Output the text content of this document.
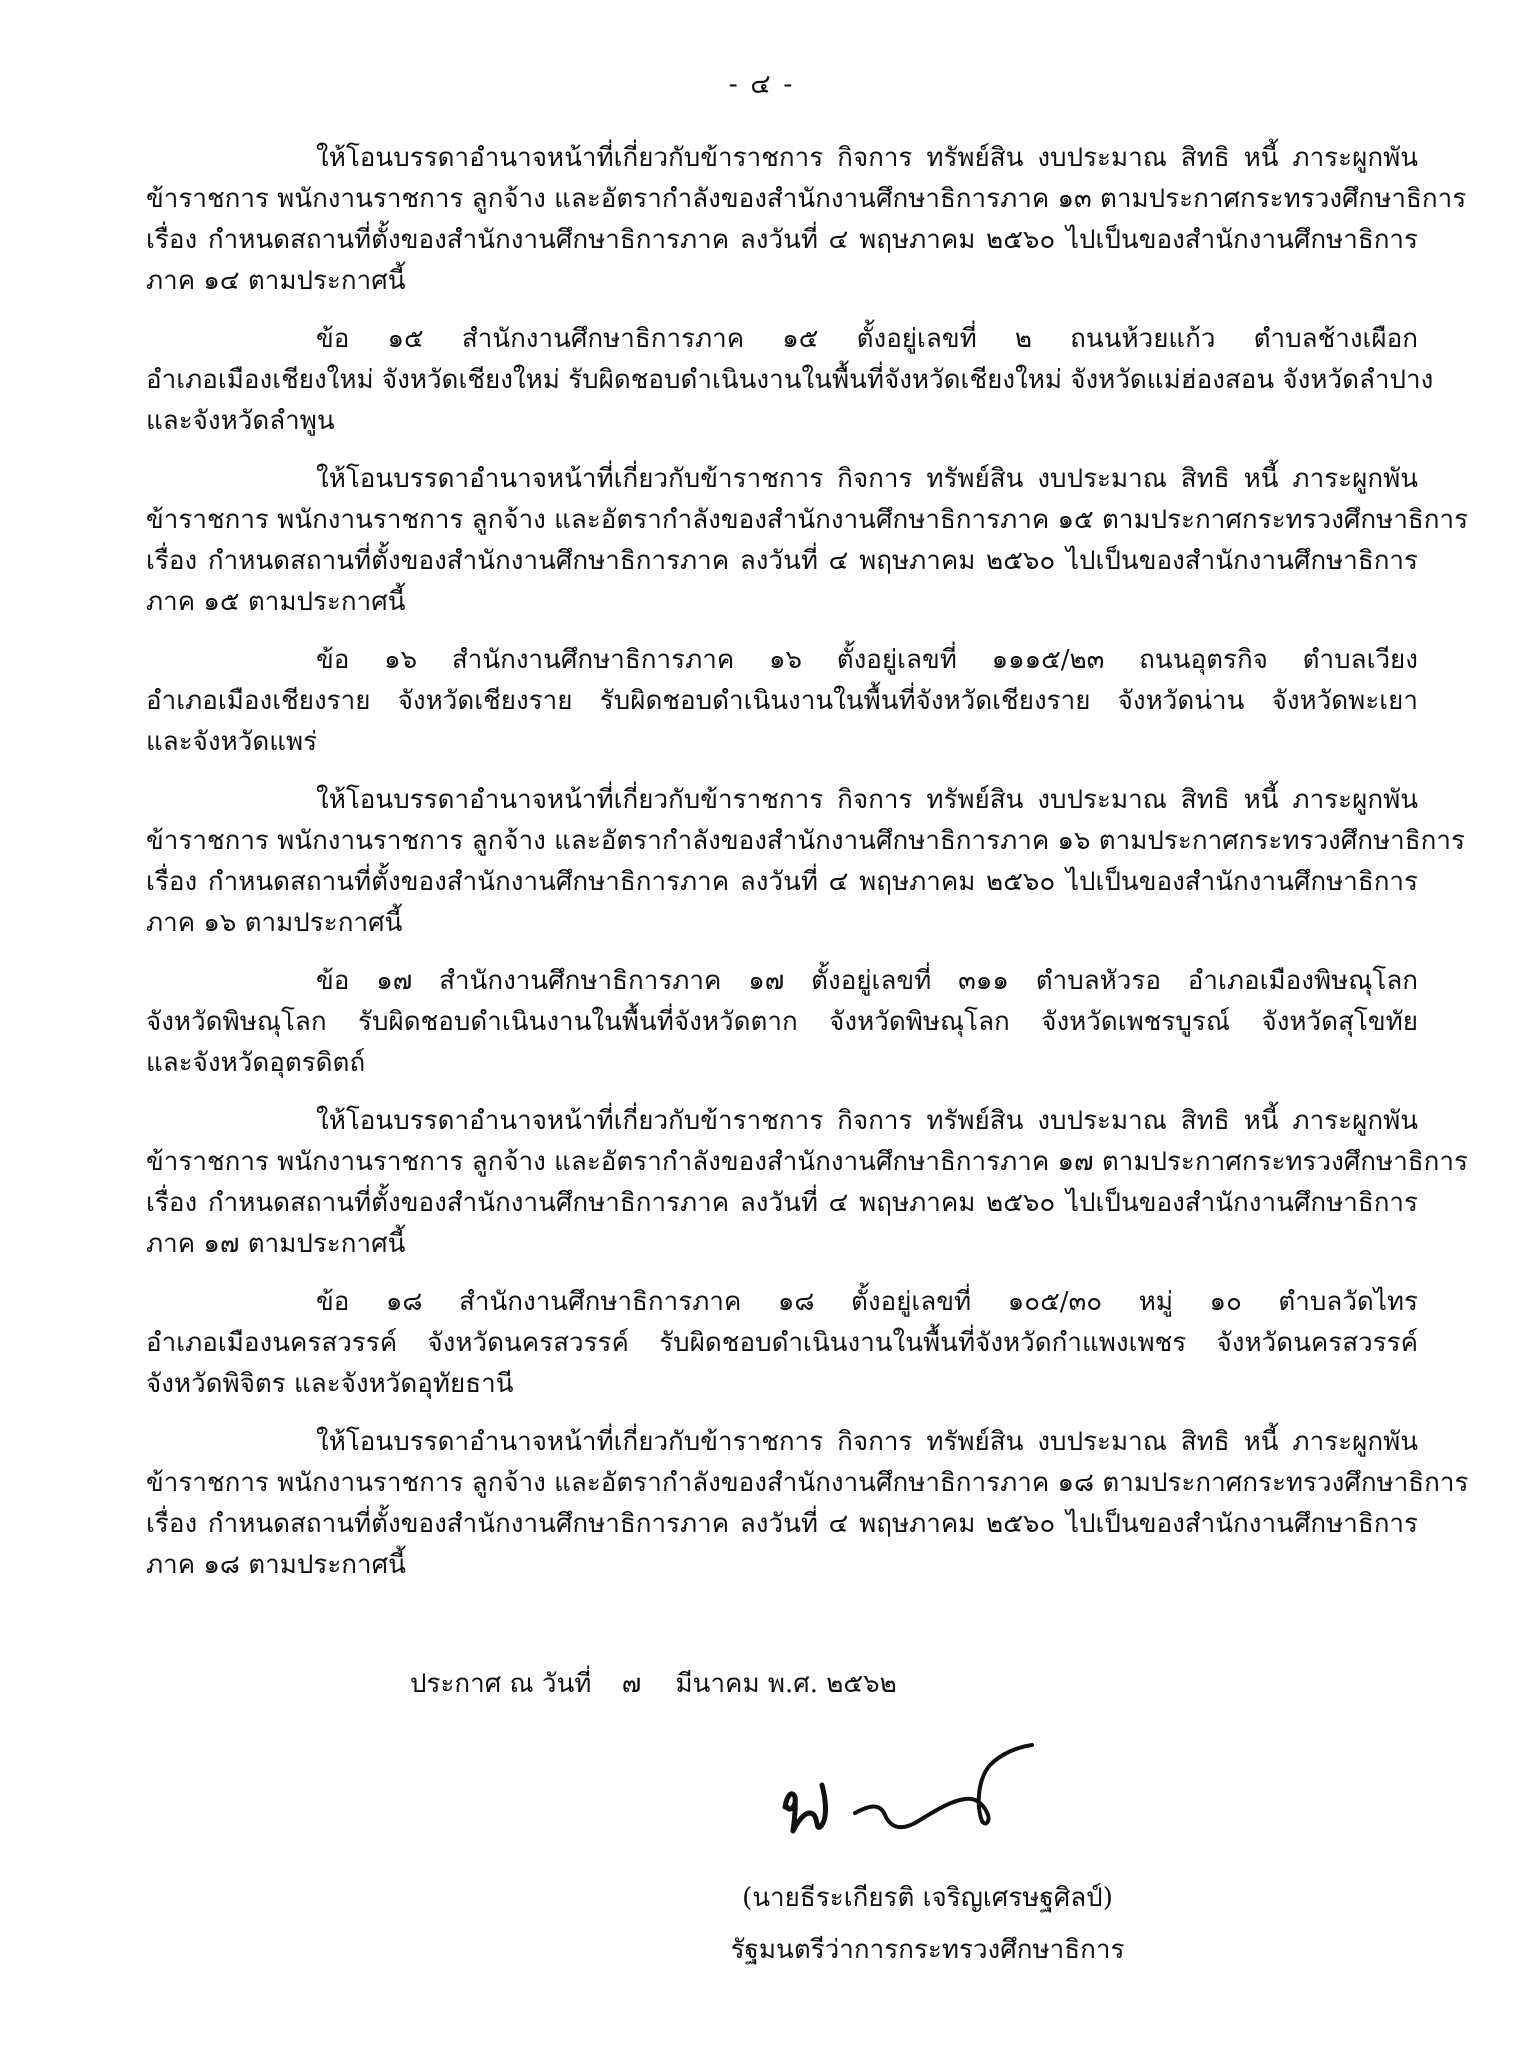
- ๔ -
ให้โอนบรรดาอำนาจหน้าที่เกี่ยวกับข้าราชการ กิจการ ทรัพย์สิน งบประมาณ สิทธิ หนี้ ภาระผูกพัน
ข้าราชการ พนักงานราชการ ลูกจ้าง และอัตรากำลังของสำนักงานศึกษาธิการภาค ๑๓ ตามประกาศกระทรวงศึกษาธิการ
เรื่อง กำหนดสถานที่ตั้งของสำนักงานศึกษาธิการภาค ลงวันที่ ๔ พฤษภาคม ๒๕๖๐ ไปเป็นของสำนักงานศึกษาธิการ
ภาค ๑๔ ตามประกาศนี้
ข้อ ๑๕ สำนักงานศึกษาธิการภาค ๑๕ ตั้งอยู่เลขที่ ๒ ถนนห้วยแก้ว ตำบลช้างเผือก
อำเภอเมืองเชียงใหม่ จังหวัดเชียงใหม่ รับผิดชอบดำเนินงานในพื้นที่จังหวัดเชียงใหม่ จังหวัดแม่ฮ่องสอน จังหวัดลำปาง
และจังหวัดลำพูน
ให้โอนบรรดาอำนาจหน้าที่เกี่ยวกับข้าราชการ กิจการ ทรัพย์สิน งบประมาณ สิทธิ หนี้ ภาระผูกพัน
ข้าราชการ พนักงานราชการ ลูกจ้าง และอัตรากำลังของสำนักงานศึกษาธิการภาค ๑๕ ตามประกาศกระทรวงศึกษาธิการ
เรื่อง กำหนดสถานที่ตั้งของสำนักงานศึกษาธิการภาค ลงวันที่ ๔ พฤษภาคม ๒๕๖๐ ไปเป็นของสำนักงานศึกษาธิการ
ภาค ๑๕ ตามประกาศนี้
ข้อ ๑๖ สำนักงานศึกษาธิการภาค ๑๖ ตั้งอยู่เลขที่ ๑๑๑๕/๒๓ ถนนอุตรกิจ ตำบลเวียง
อำเภอเมืองเชียงราย จังหวัดเชียงราย รับผิดชอบดำเนินงานในพื้นที่จังหวัดเชียงราย จังหวัดน่าน จังหวัดพะเยา
และจังหวัดแพร่
ให้โอนบรรดาอำนาจหน้าที่เกี่ยวกับข้าราชการ กิจการ ทรัพย์สิน งบประมาณ สิทธิ หนี้ ภาระผูกพัน
ข้าราชการ พนักงานราชการ ลูกจ้าง และอัตรากำลังของสำนักงานศึกษาธิการภาค ๑๖ ตามประกาศกระทรวงศึกษาธิการ
เรื่อง กำหนดสถานที่ตั้งของสำนักงานศึกษาธิการภาค ลงวันที่ ๔ พฤษภาคม ๒๕๖๐ ไปเป็นของสำนักงานศึกษาธิการ
ภาค ๑๖ ตามประกาศนี้
ข้อ ๑๗ สำนักงานศึกษาธิการภาค ๑๗ ตั้งอยู่เลขที่ ๓๑๑ ตำบลหัวรอ อำเภอเมืองพิษณุโลก
จังหวัดพิษณุโลก รับผิดชอบดำเนินงานในพื้นที่จังหวัดตาก จังหวัดพิษณุโลก จังหวัดเพชรบูรณ์ จังหวัดสุโขทัย
และจังหวัดอุตรดิตถ์
ให้โอนบรรดาอำนาจหน้าที่เกี่ยวกับข้าราชการ กิจการ ทรัพย์สิน งบประมาณ สิทธิ หนี้ ภาระผูกพัน
ข้าราชการ พนักงานราชการ ลูกจ้าง และอัตรากำลังของสำนักงานศึกษาธิการภาค ๑๗ ตามประกาศกระทรวงศึกษาธิการ
เรื่อง กำหนดสถานที่ตั้งของสำนักงานศึกษาธิการภาค ลงวันที่ ๔ พฤษภาคม ๒๕๖๐ ไปเป็นของสำนักงานศึกษาธิการ
ภาค ๑๗ ตามประกาศนี้
ข้อ ๑๘ สำนักงานศึกษาธิการภาค ๑๘ ตั้งอยู่เลขที่ ๑๐๕/๓๐ หมู่ ๑๐ ตำบลวัดไทร
อำเภอเมืองนครสวรรค์ จังหวัดนครสวรรค์ รับผิดชอบดำเนินงานในพื้นที่จังหวัดกำแพงเพชร จังหวัดนครสวรรค์
จังหวัดพิจิตร และจังหวัดอุทัยธานี
ให้โอนบรรดาอำนาจหน้าที่เกี่ยวกับข้าราชการ กิจการ ทรัพย์สิน งบประมาณ สิทธิ หนี้ ภาระผูกพัน
ข้าราชการ พนักงานราชการ ลูกจ้าง และอัตรากำลังของสำนักงานศึกษาธิการภาค ๑๘ ตามประกาศกระทรวงศึกษาธิการ
เรื่อง กำหนดสถานที่ตั้งของสำนักงานศึกษาธิการภาค ลงวันที่ ๔ พฤษภาคม ๒๕๖๐ ไปเป็นของสำนักงานศึกษาธิการ
ภาค ๑๘ ตามประกาศนี้
ประกาศ ณ วันที่ ๗ มีนาคม พ.ศ. ๒๕๖๒
(นายธีระเกียรติ เจริญเศรษฐศิลป์)
รัฐมนตรีว่าการกระทรวงศึกษาธิการ
